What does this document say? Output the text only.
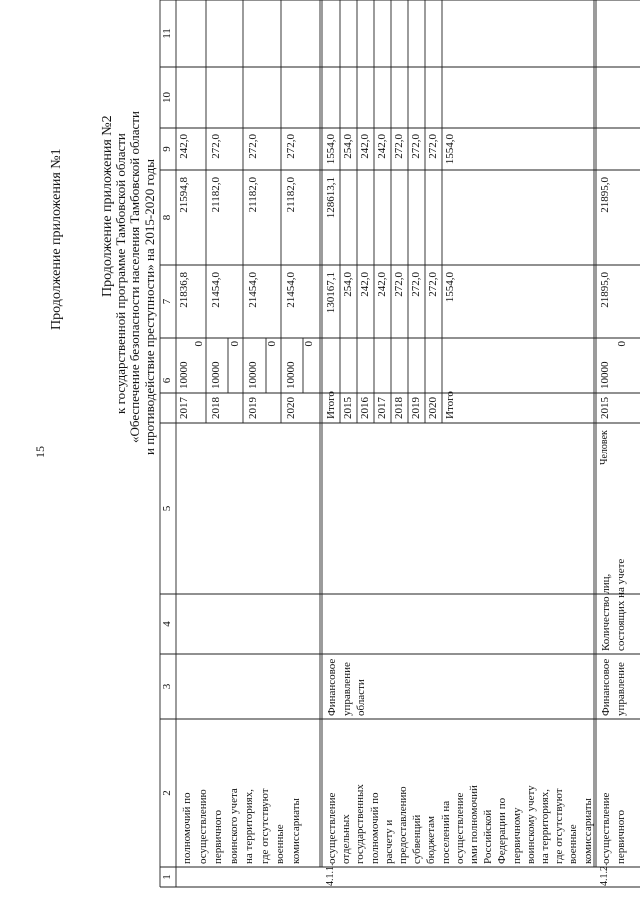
15
Продолжение приложения №1	Продолжение приложения №2
к государственной программе Тамбовской области «Обеспечение безопасности населения Тамбовской области и противодействие преступности» на 2015-2020 годы
1
2
3
4
5
6
7
8
9
10
11
полномочий по осуществлению первичного воинского учета на территориях, где отсутствуют военные комиссариаты
2017
10000
0
21836,8
21594,8
242,0
2018
10000
0
21454,0
21182,0
272,0
2019
10000
0
21454,0
21182,0
272,0
2020
10000
0
21454,0
21182,0
272,0
4.1.1.
осуществление отдельных государственных полномочий по расчету и предоставлению субвенций бюджетам поселений на осуществление ими полномочий Российской Федерации по первичному воинскому учету на территориях, где отсутствуют военные комиссариаты
Финансовое управление области
Итого
130167,1
128613,1
1554,0
2015
254,0
254,0
2016
242,0
242,0
2017
242,0
242,0
2018
272,0
272,0
2019
272,0
272,0
2020
272,0
272,0
Итого
1554,0
1554,0
4.1.2.
осуществление первичного
Финансовое управление
Количество лиц, состоящих на учете
Человек
2015
10000
0
21895,0
21895,0
